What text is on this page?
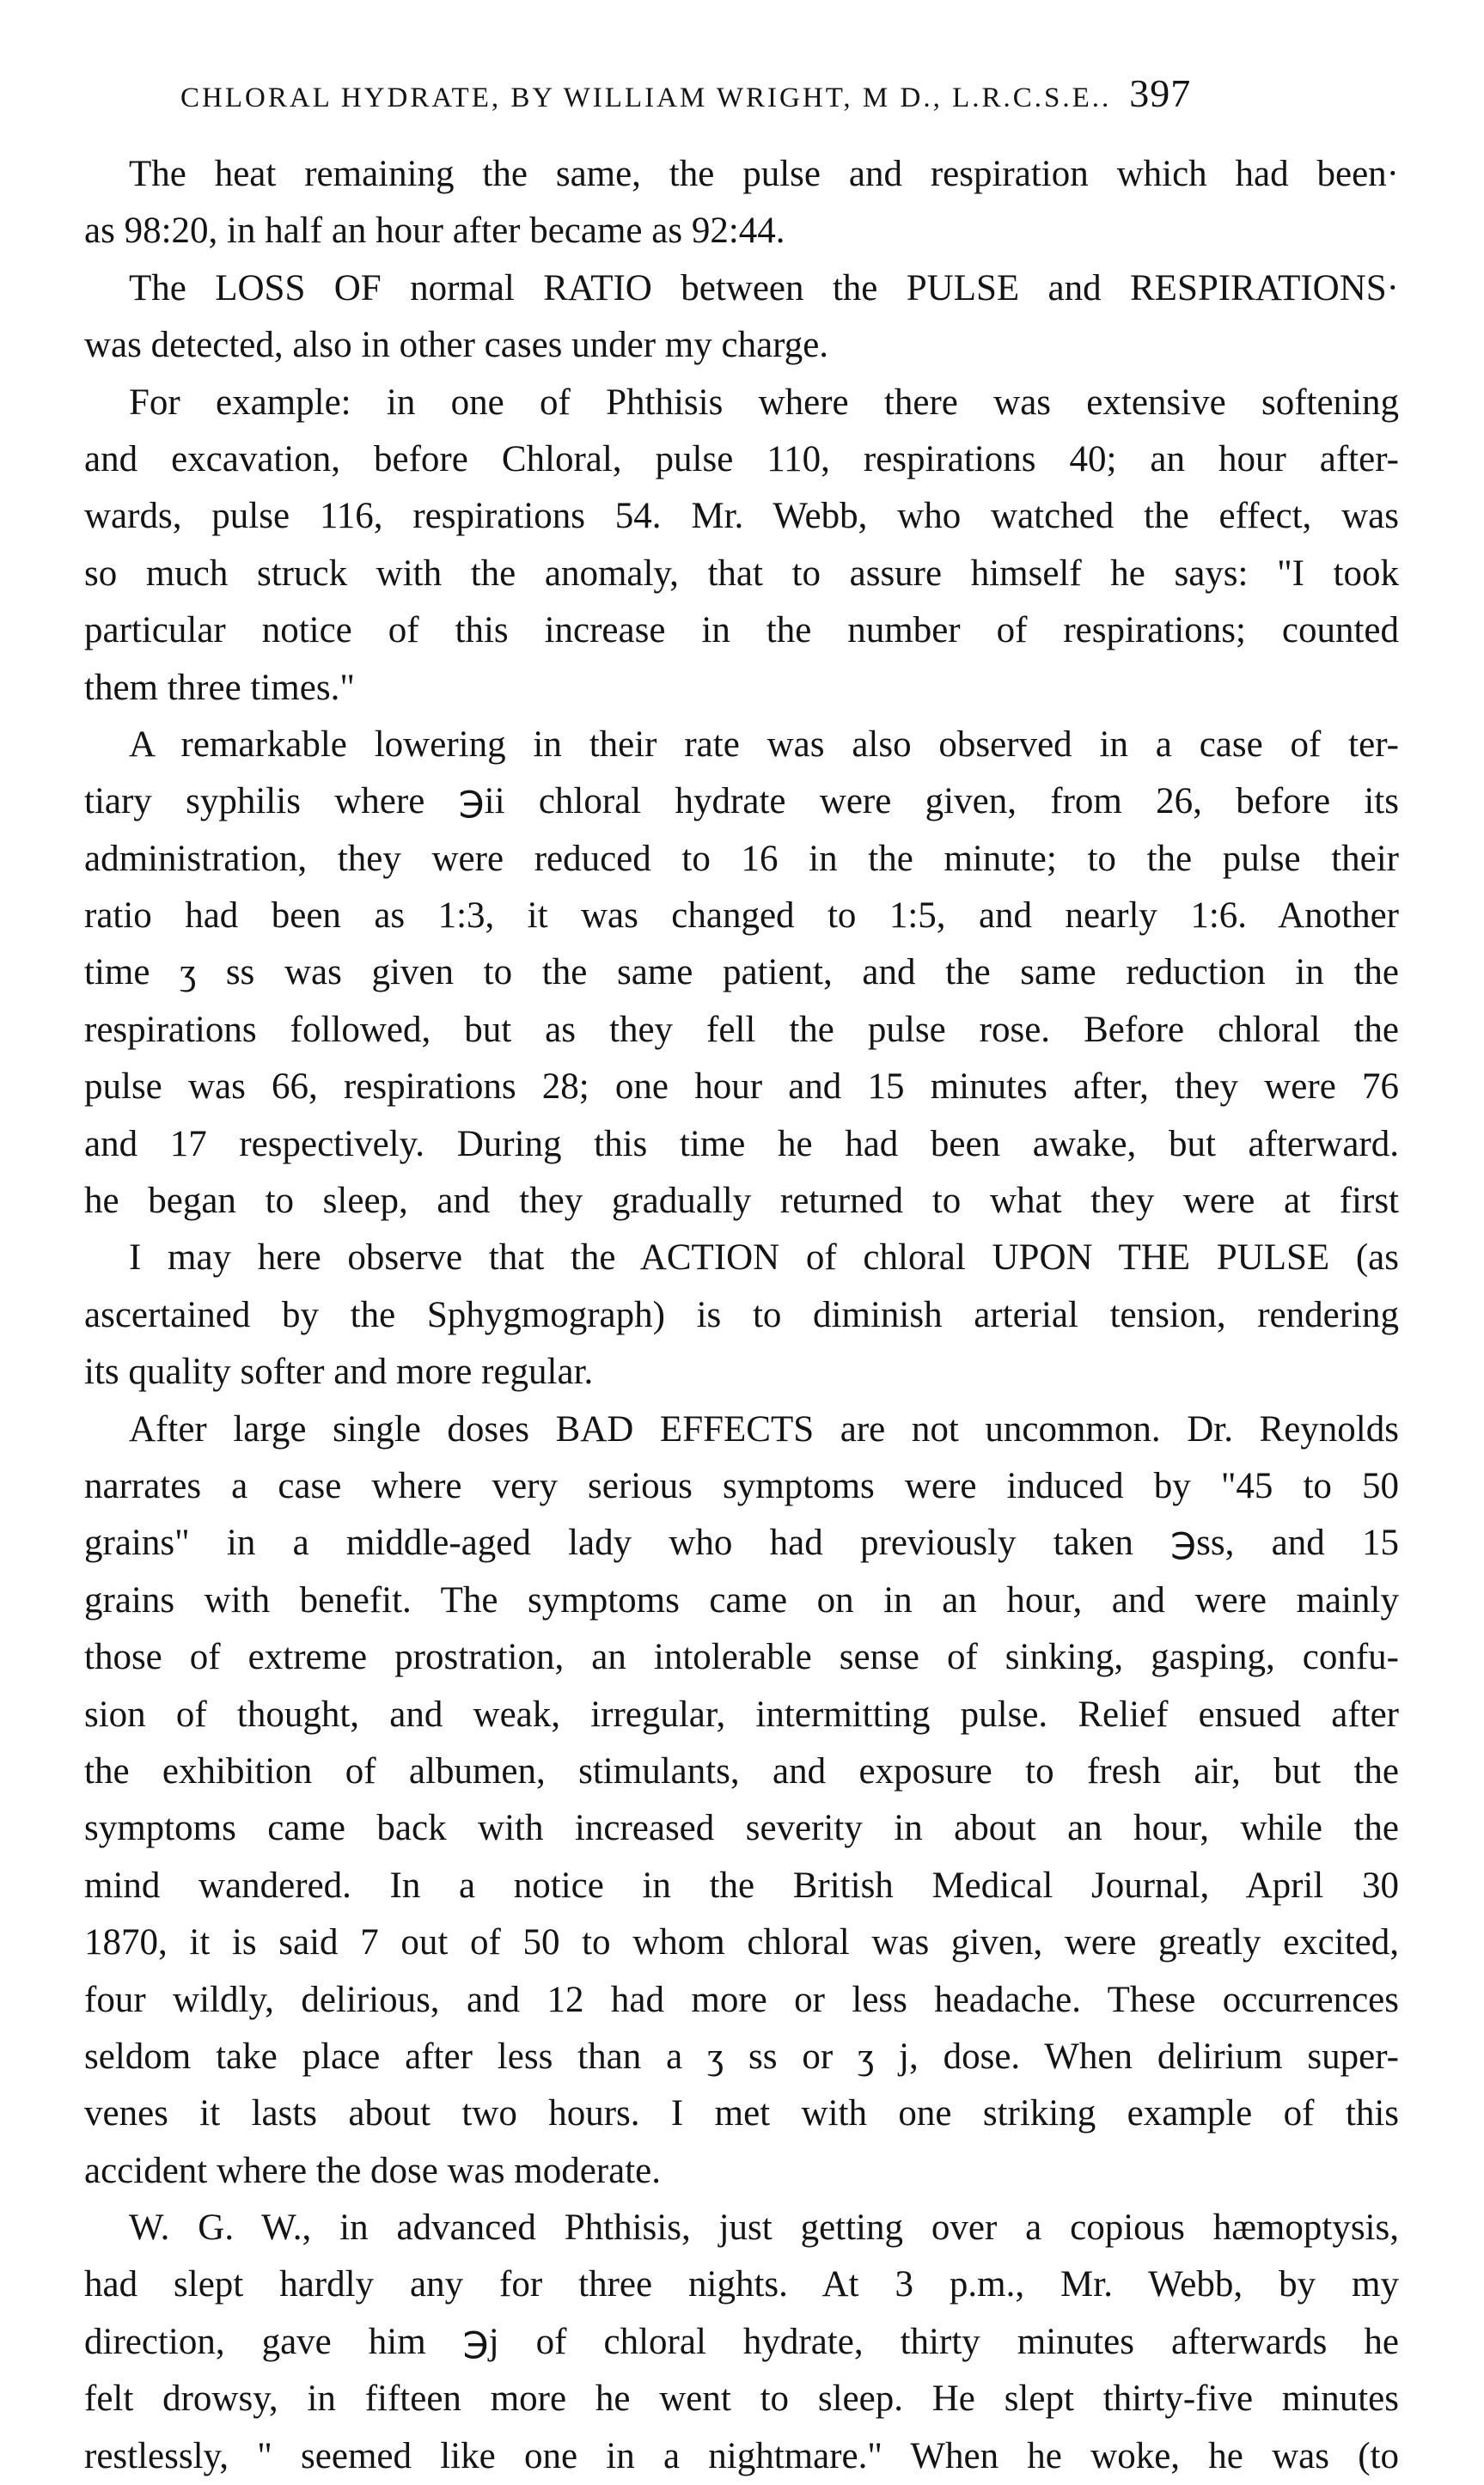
CHLORAL HYDRATE, BY WILLIAM WRIGHT, M D., L.R.C.S.E.. 397
The heat remaining the same, the pulse and respiration which had been·
as 98:20, in half an hour after became as 92:44.
The LOSS OF normal RATIO between the PULSE and RESPIRATIONS·
was detected, also in other cases under my charge.
For example: in one of Phthisis where there was extensive softening
and excavation, before Chloral, pulse 110, respirations 40; an hour after-
wards, pulse 116, respirations 54. Mr. Webb, who watched the effect, was
so much struck with the anomaly, that to assure himself he says: "I took
particular notice of this increase in the number of respirations; counted
them three times."
A remarkable lowering in their rate was also observed in a case of ter-
tiary syphilis where ℈ii chloral hydrate were given, from 26, before its
administration, they were reduced to 16 in the minute; to the pulse their
ratio had been as 1:3, it was changed to 1:5, and nearly 1:6. Another
time ʒ ss was given to the same patient, and the same reduction in the
respirations followed, but as they fell the pulse rose. Before chloral the
pulse was 66, respirations 28; one hour and 15 minutes after, they were 76
and 17 respectively. During this time he had been awake, but afterward.
he began to sleep, and they gradually returned to what they were at first
I may here observe that the ACTION of chloral UPON THE PULSE (as
ascertained by the Sphygmograph) is to diminish arterial tension, rendering
its quality softer and more regular.
After large single doses BAD EFFECTS are not uncommon. Dr. Reynolds
narrates a case where very serious symptoms were induced by "45 to 50
grains" in a middle-aged lady who had previously taken ℈ss, and 15
grains with benefit. The symptoms came on in an hour, and were mainly
those of extreme prostration, an intolerable sense of sinking, gasping, confu-
sion of thought, and weak, irregular, intermitting pulse. Relief ensued after
the exhibition of albumen, stimulants, and exposure to fresh air, but the
symptoms came back with increased severity in about an hour, while the
mind wandered. In a notice in the British Medical Journal, April 30
1870, it is said 7 out of 50 to whom chloral was given, were greatly excited,
four wildly, delirious, and 12 had more or less headache. These occurrences
seldom take place after less than a ʒ ss or ʒ j, dose. When delirium super-
venes it lasts about two hours. I met with one striking example of this
accident where the dose was moderate.
W. G. W., in advanced Phthisis, just getting over a copious hæmoptysis,
had slept hardly any for three nights. At 3 p.m., Mr. Webb, by my
direction, gave him ℈j of chloral hydrate, thirty minutes afterwards he
felt drowsy, in fifteen more he went to sleep. He slept thirty-five minutes
restlessly, " seemed like one in a nightmare." When he woke, he was (to
